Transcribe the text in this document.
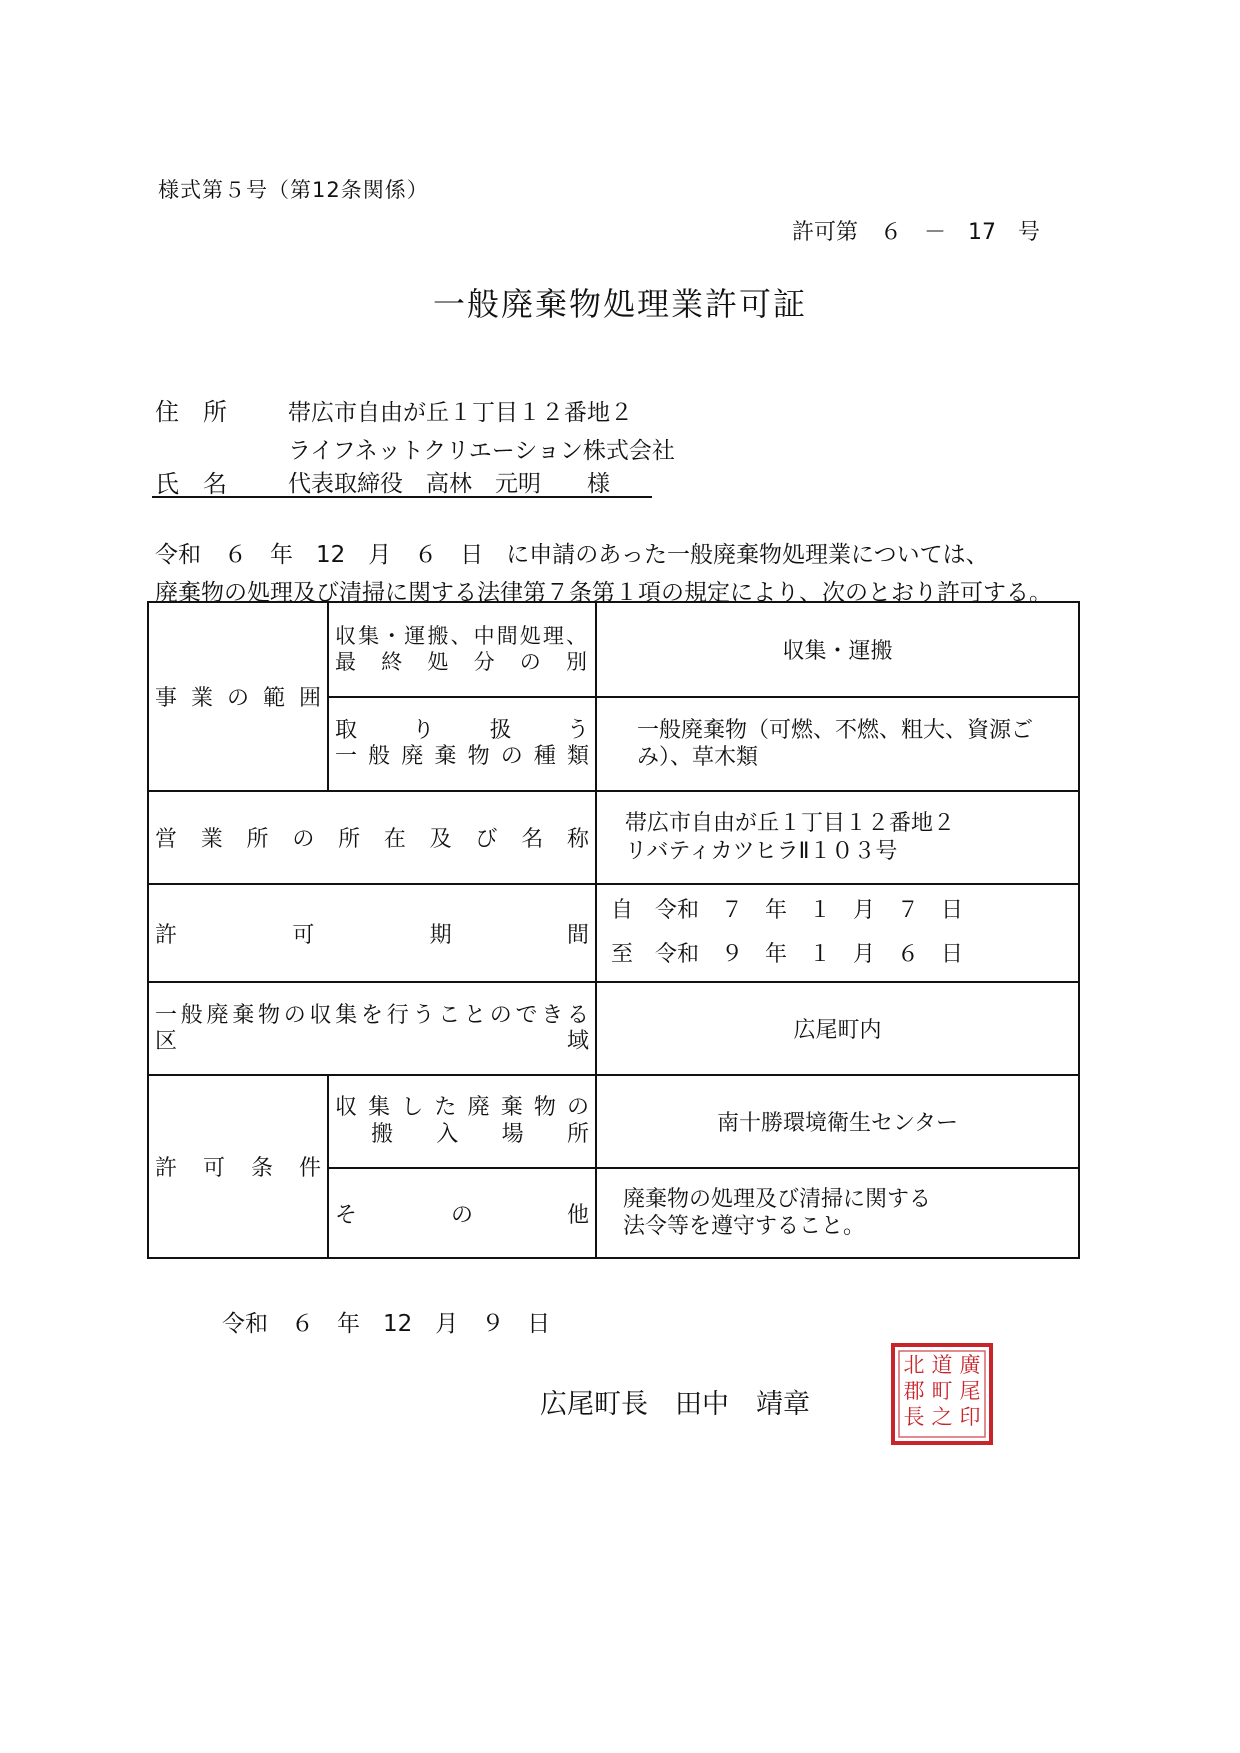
様式第５号（第12条関係）
許可第　６　－　17　号
一般廃棄物処理業許可証
住　所	帯広市自由が丘１丁目１２番地２
ライフネットクリエーション株式会社
氏　名	代表取締役　高林　元明　　様
令和　６　年　12　月　６　日　に申請のあった一般廃棄物処理業については、
廃棄物の処理及び清掃に関する法律第７条第１項の規定により、次のとおり許可する。
事業の範囲	収集・運搬、中間処理、最終処分の別	収集・運搬

	取り扱う
一般廃棄物の種類	一般廃棄物（可燃、不燃、粗大、資源ごみ）、草木類
営業所の所在及び名称		帯広市自由が丘１丁目１２番地２
リバティカツヒラⅡ１０３号

許可期間		自　令和　７　年　１　月　７　日
至　令和　９　年　１　月　６　日

一般廃棄物の収集を行うことのできる
区域		広尾町内
許可条件	収集した廃棄物の
搬入場所	南十勝環境衛生センター
	その他	廃棄物の処理及び清掃に関する
法令等を遵守すること。
令和　６　年　12　月　９　日
広尾町長　田中　靖章
廣
尾
印
道
町
之
北
郡
長
